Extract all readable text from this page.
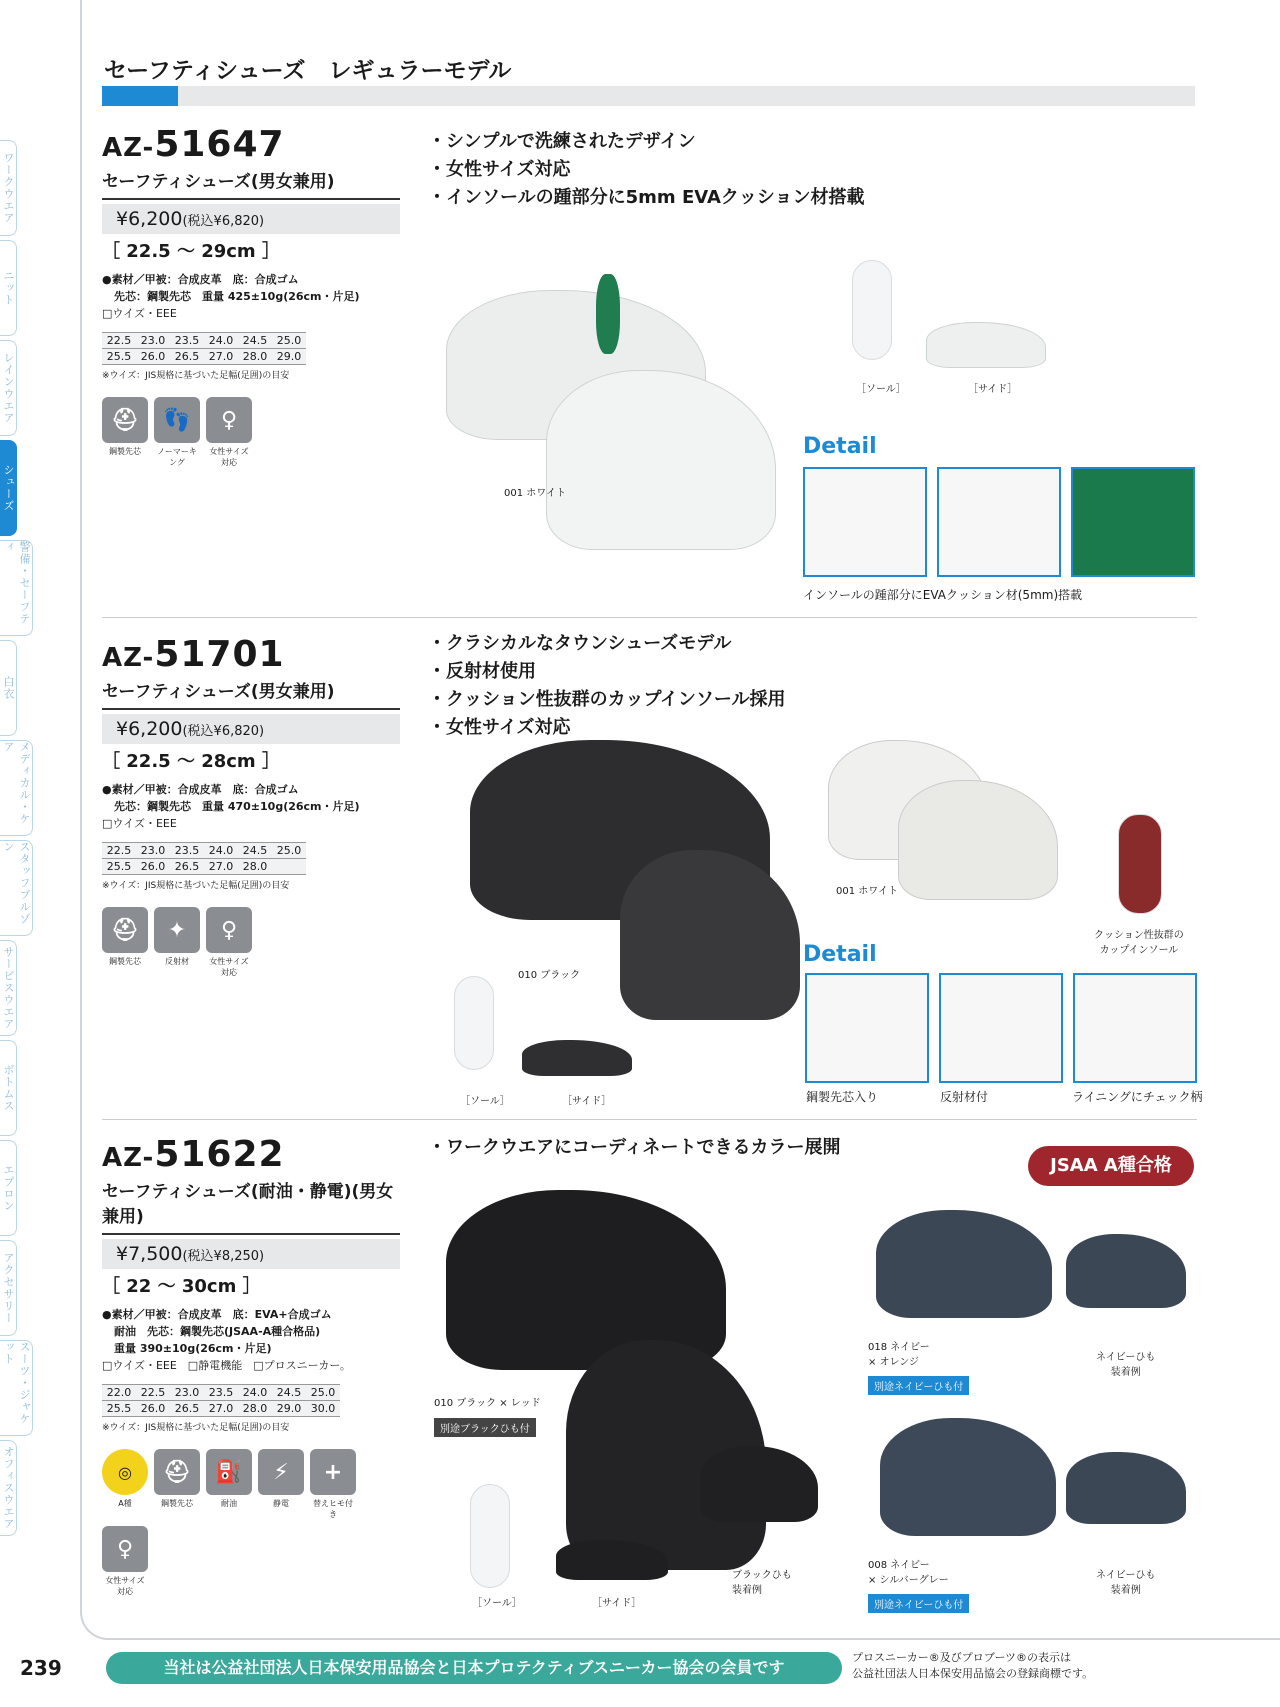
ワークウエア
ニット
レインウエア
シューズ
警備・セーフティ
白衣
メディカル・ケア
スタッフブルゾン
サービスウエア
ボトムス
エプロン
アクセサリー
スーツ・ジャケット
オフィスウエア
セーフティシューズ　レギュラーモデル
AZ-51647
セーフティシューズ(男女兼用)
¥6,200(税込¥6,820)
［ 22.5 ～ 29cm ］
●素材／甲被：合成皮革　底：合成ゴム
先芯：鋼製先芯　重量 425±10g(26cm・片足)
□ウイズ・EEE
22.5	23.0	23.5	24.0	24.5	25.0
25.5	26.0	26.5	27.0	28.0	29.0
※ウイズ：JIS規格に基づいた足幅(足囲)の目安
⛑	👣	♀
鋼製先芯	ノーマーキング
女性サイズ対応
・シンプルで洗練されたデザイン
・女性サイズ対応
・インソールの踵部分に5mm EVAクッション材搭載
001 ホワイト
［ソール］	［サイド］
Detail
インソールの踵部分にEVAクッション材(5mm)搭載
AZ-51701
セーフティシューズ(男女兼用)
¥6,200(税込¥6,820)
［ 22.5 ～ 28cm ］
●素材／甲被：合成皮革　底：合成ゴム
先芯：鋼製先芯　重量 470±10g(26cm・片足)
□ウイズ・EEE
22.5	23.0	23.5	24.0	24.5	25.0
25.5	26.0	26.5	27.0	28.0	
※ウイズ：JIS規格に基づいた足幅(足囲)の目安
⛑	✦	♀
鋼製先芯	反射材	女性サイズ対応
・クラシカルなタウンシューズモデル
・反射材使用
・クッション性抜群のカップインソール採用
・女性サイズ対応
010 ブラック
001 ホワイト
クッション性抜群の
カップインソール
［ソール］	［サイド］
Detail
鋼製先芯入り	反射材付	ライニングにチェック柄
AZ-51622
セーフティシューズ(耐油・静電)(男女兼用)
¥7,500(税込¥8,250)
［ 22 ～ 30cm ］
●素材／甲被：合成皮革　底：EVA+合成ゴム
耐油　先芯：鋼製先芯(JSAA-A種合格品)
重量 390±10g(26cm・片足)
□ウイズ・EEE　□静電機能　□プロスニーカー。
22.0	22.5	23.0	23.5	24.0	24.5	25.0
25.5	26.0	26.5	27.0	28.0	29.0	30.0
※ウイズ：JIS規格に基づいた足幅(足囲)の目安
◎	⛑	⛽	⚡	+
A種	鋼製先芯	耐油	静電	替えヒモ付き
♀
女性サイズ対応
・ワークウエアにコーディネートできるカラー展開
JSAA A種合格
010 ブラック × レッド
別途ブラックひも付
018 ネイビー
× オレンジ
別途ネイビーひも付
ネイビーひも
装着例
［ソール］	［サイド］
ブラックひも
装着例
008 ネイビー
× シルバーグレー
別途ネイビーひも付
ネイビーひも
装着例
239	当社は公益社団法人日本保安用品協会と日本プロテクティブスニーカー協会の会員です
プロスニーカー®及びプロブーツ®の表示は
公益社団法人日本保安用品協会の登録商標です。
